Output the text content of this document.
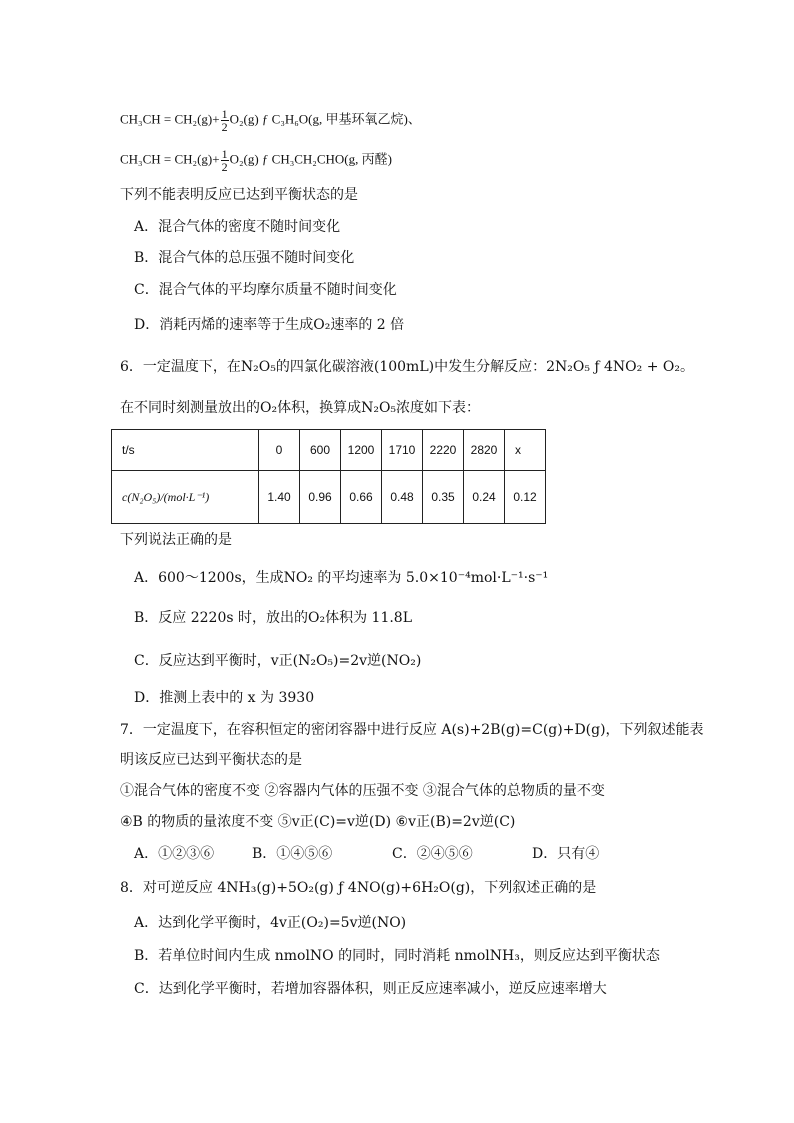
$CH_3CH = CH_2(g)+ \frac{1}{2} O_2(g)$ ƒ C₃H₆O(g, 甲基环氧乙烷)、
$CH_3CH = CH_2(g)+ \frac{1}{2} O_2(g)$ ƒ CH₃CH₂CHO(g, 丙醛)
下列不能表明反应已达到平衡状态的是
A．混合气体的密度不随时间变化
B．混合气体的总压强不随时间变化
C．混合气体的平均摩尔质量不随时间变化
D．消耗丙烯的速率等于生成O₂速率的 2 倍
6．一定温度下，在N₂O₅的四氯化碳溶液(100mL)中发生分解反应：2N₂O₅ ƒ 4NO₂ + O₂。
在不同时刻测量放出的O₂体积，换算成N₂O₅浓度如下表：
t/s	0	600	1200	1710	2220	2820	x
c(N₂O₅)/(mol·L⁻¹)	1.40	0.96	0.66	0.48	0.35	0.24	0.12
下列说法正确的是
A．600～1200s，生成NO₂ 的平均速率为 5.0×10⁻⁴mol·L⁻¹·s⁻¹
B．反应 2220s 时，放出的O₂体积为 11.8L
C．反应达到平衡时，v正(N₂O₅)=2v逆(NO₂)
D．推测上表中的 x 为 3930
7．一定温度下，在容积恒定的密闭容器中进行反应 A(s)+2B(g)=C(g)+D(g)，下列叙述能表
明该反应已达到平衡状态的是
①混合气体的密度不变 ②容器内气体的压强不变 ③混合气体的总物质的量不变
④B 的物质的量浓度不变 ⑤v正(C)=v逆(D) ⑥v正(B)=2v逆(C)
A．①②③⑥	B．①④⑤⑥	C．②④⑤⑥	D．只有④
8．对可逆反应 4NH₃(g)+5O₂(g) ƒ 4NO(g)+6H₂O(g)，下列叙述正确的是
A．达到化学平衡时，4v正(O₂)=5v逆(NO)
B．若单位时间内生成 nmolNO 的同时，同时消耗 nmolNH₃，则反应达到平衡状态
C．达到化学平衡时，若增加容器体积，则正反应速率减小，逆反应速率增大
